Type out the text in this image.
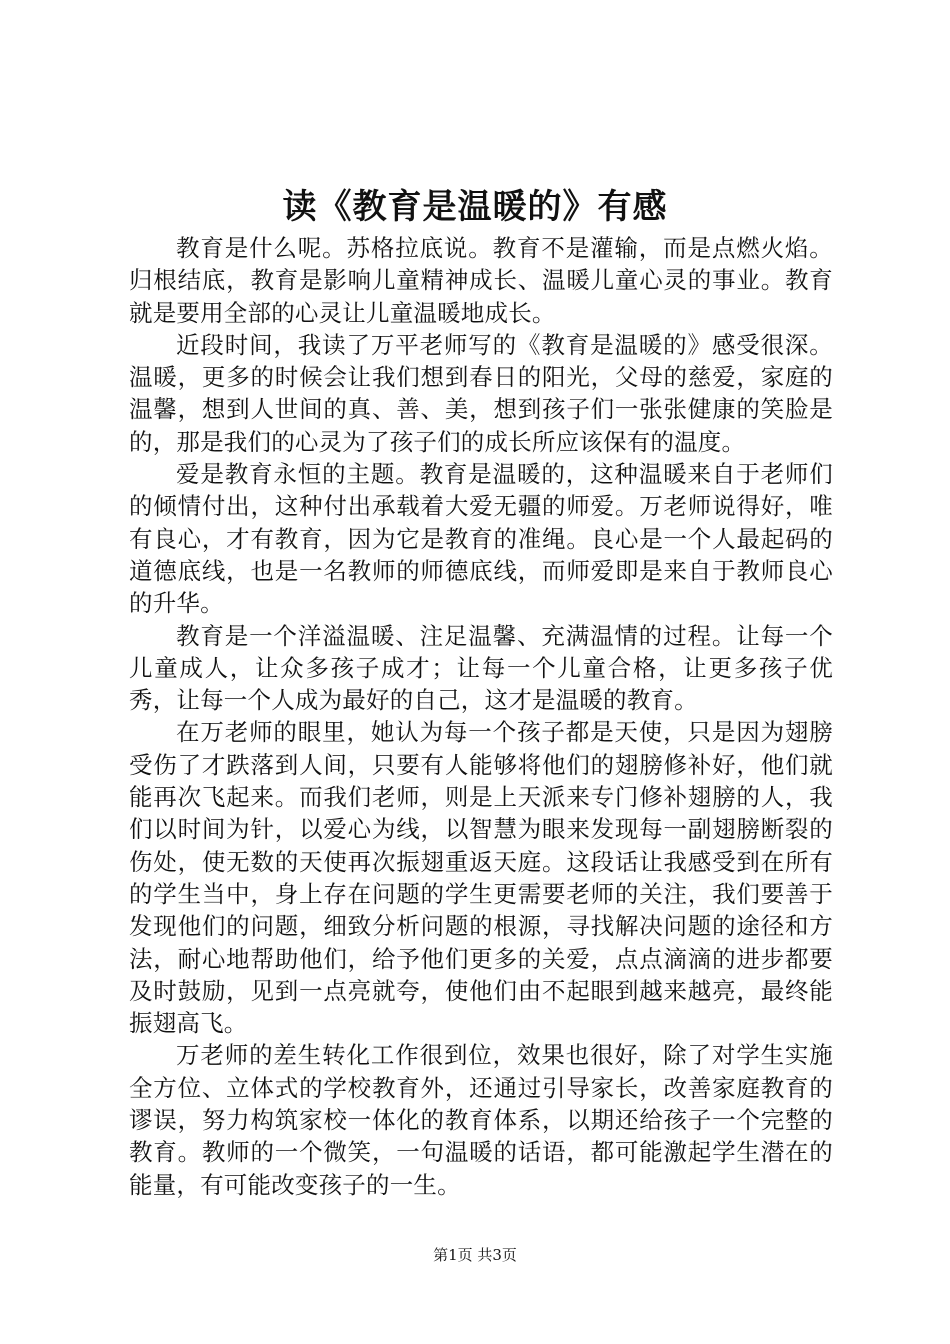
读《教育是温暖的》有感

教育是什么呢。苏格拉底说。教育不是灌输，而是点燃火焰。归根结底，教育是影响儿童精神成长、温暖儿童心灵的事业。教育就是要用全部的心灵让儿童温暖地成长。

近段时间，我读了万平老师写的《教育是温暖的》感受很深。温暖，更多的时候会让我们想到春日的阳光，父母的慈爱，家庭的温馨，想到人世间的真、善、美，想到孩子们一张张健康的笑脸是的，那是我们的心灵为了孩子们的成长所应该保有的温度。

爱是教育永恒的主题。教育是温暖的，这种温暖来自于老师们的倾情付出，这种付出承载着大爱无疆的师爱。万老师说得好，唯有良心，才有教育，因为它是教育的准绳。良心是一个人最起码的道德底线，也是一名教师的师德底线，而师爱即是来自于教师良心的升华。

教育是一个洋溢温暖、注足温馨、充满温情的过程。让每一个儿童成人，让众多孩子成才；让每一个儿童合格，让更多孩子优秀，让每一个人成为最好的自己，这才是温暖的教育。

在万老师的眼里，她认为每一个孩子都是天使，只是因为翅膀受伤了才跌落到人间，只要有人能够将他们的翅膀修补好，他们就能再次飞起来。而我们老师，则是上天派来专门修补翅膀的人，我们以时间为针，以爱心为线，以智慧为眼来发现每一副翅膀断裂的伤处，使无数的天使再次振翅重返天庭。这段话让我感受到在所有的学生当中，身上存在问题的学生更需要老师的关注，我们要善于发现他们的问题，细致分析问题的根源，寻找解决问题的途径和方法，耐心地帮助他们，给予他们更多的关爱，点点滴滴的进步都要及时鼓励，见到一点亮就夸，使他们由不起眼到越来越亮，最终能振翅高飞。

万老师的差生转化工作很到位，效果也很好，除了对学生实施全方位、立体式的学校教育外，还通过引导家长，改善家庭教育的谬误，努力构筑家校一体化的教育体系，以期还给孩子一个完整的教育。教师的一个微笑，一句温暖的话语，都可能激起学生潜在的能量，有可能改变孩子的一生。

第1页 共3页
